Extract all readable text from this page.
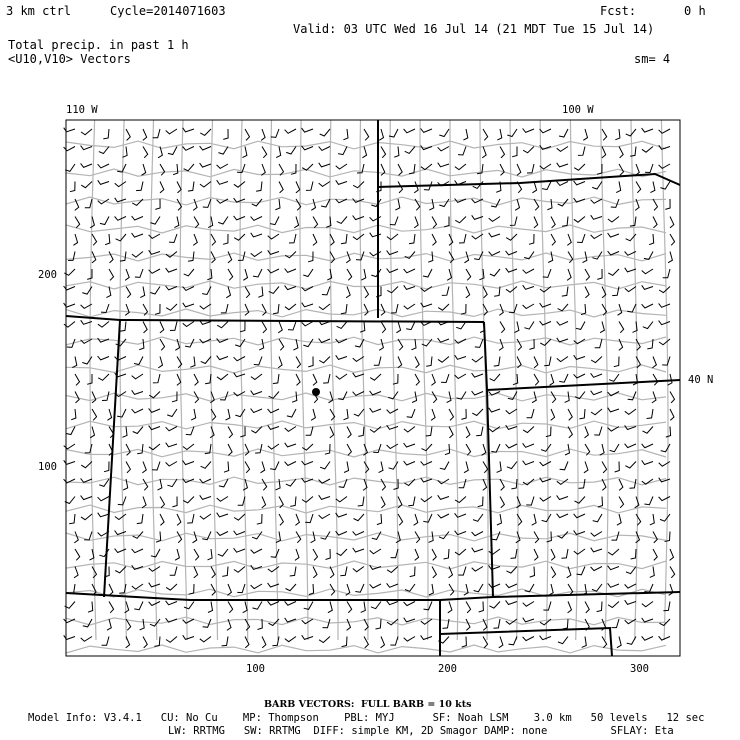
3 km ctrl	Cycle=2014071603	Fcst:	0 h
Valid: 03 UTC Wed 16 Jul 14 (21 MDT Tue 15 Jul 14)
Total precip. in past 1 h
<U10,V10> Vectors	sm= 4
110 W	100 W
40 N
200
100
100	200	300
BARB VECTORS:  FULL BARB = 10 kts
Model Info: V3.4.1   CU: No Cu    MP: Thompson    PBL: MYJ      SF: Noah LSM    3.0 km   50 levels   12 sec
LW: RRTMG   SW: RRTMG  DIFF: simple KM, 2D Smagor DAMP: none          SFLAY: Eta
